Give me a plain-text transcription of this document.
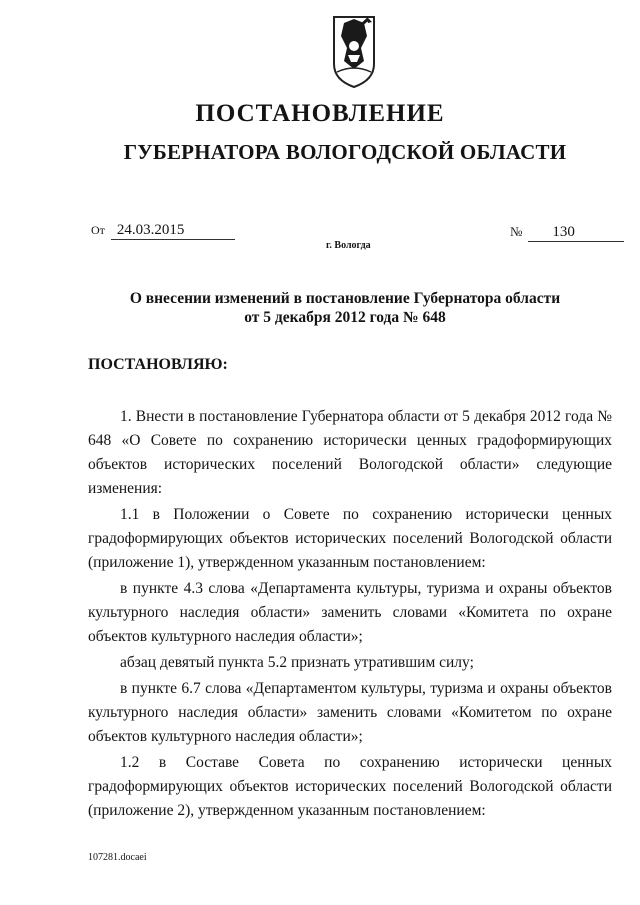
ПОСТАНОВЛЕНИЕ
ГУБЕРНАТОРА ВОЛОГОДСКОЙ ОБЛАСТИ
От 24.03.2015	№ 130
г. Вологда
О внесении изменений в постановление Губернатора области
от 5 декабря 2012 года № 648
ПОСТАНОВЛЯЮ:

1. Внести в постановление Губернатора области от 5 декабря 2012 года № 648 «О Совете по сохранению исторически ценных градоформирующих объектов исторических поселений Вологодской области» следующие изменения:

1.1 в Положении о Совете по сохранению исторически ценных градоформирующих объектов исторических поселений Вологодской области (приложение 1), утвержденном указанным постановлением:

в пункте 4.3 слова «Департамента культуры, туризма и охраны объектов культурного наследия области» заменить словами «Комитета по охране объектов культурного наследия области»;

абзац девятый пункта 5.2 признать утратившим силу;

в пункте 6.7 слова «Департаментом культуры, туризма и охраны объектов культурного наследия области» заменить словами «Комитетом по охране объектов культурного наследия области»;

1.2 в Составе Совета по сохранению исторически ценных градоформирующих объектов исторических поселений Вологодской области (приложение 2), утвержденном указанным постановлением:

107281.docaei
